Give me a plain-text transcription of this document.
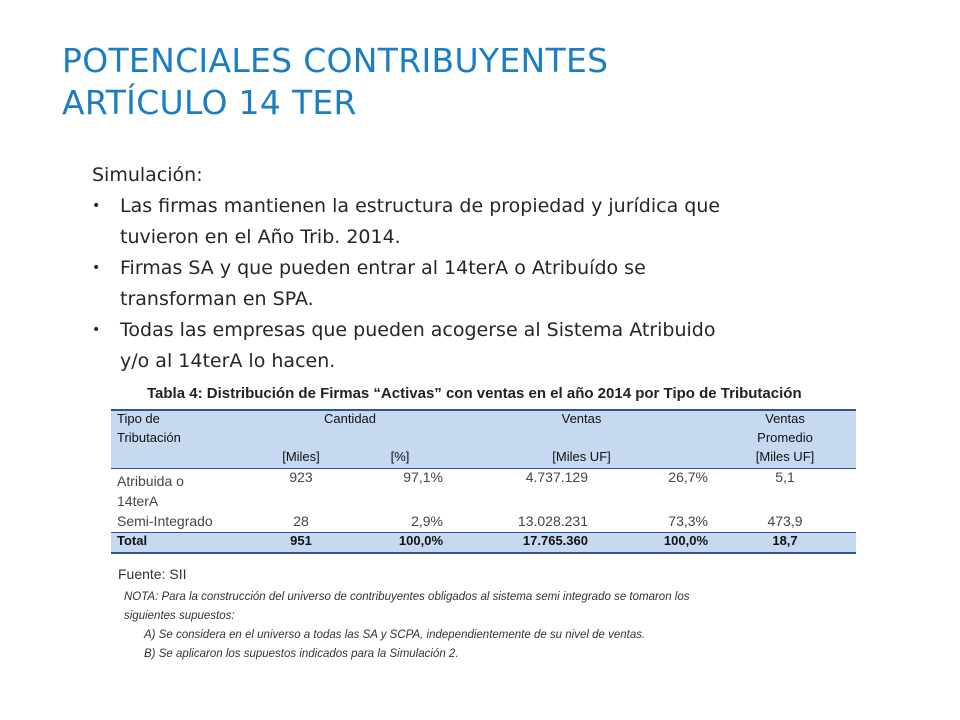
POTENCIALES CONTRIBUYENTES
ARTÍCULO 14 TER
Simulación:
• Las firmas mantienen la estructura de propiedad y jurídica que
tuvieron en el Año Trib. 2014.
• Firmas SA y que pueden entrar al 14terA o Atribuído se
transforman en SPA.
• Todas las empresas que pueden acogerse al Sistema Atribuido
y/o al 14terA lo hacen.
Tabla 4: Distribución de Firmas “Activas” con ventas en el año 2014 por Tipo de Tributación
Tipo de	Cantidad		Ventas		Ventas
Tributación					Promedio
	[Miles]	[%]	[Miles UF]		[Miles UF]

Atribuida o
14terA	923	97,1%	4.737.129	26,7%	5,1
Semi-Integrado	28	2,9%	13.028.231	73,3%	473,9
Total	951	100,0%	17.765.360	100,0%	18,7
Fuente: SII
NOTA: Para la construcción del universo de contribuyentes obligados al sistema semi integrado se tomaron los
siguientes supuestos:
A) Se considera en el universo a todas las SA y SCPA, independientemente de su nivel de ventas.
B) Se aplicaron los supuestos indicados para la Simulación 2.
